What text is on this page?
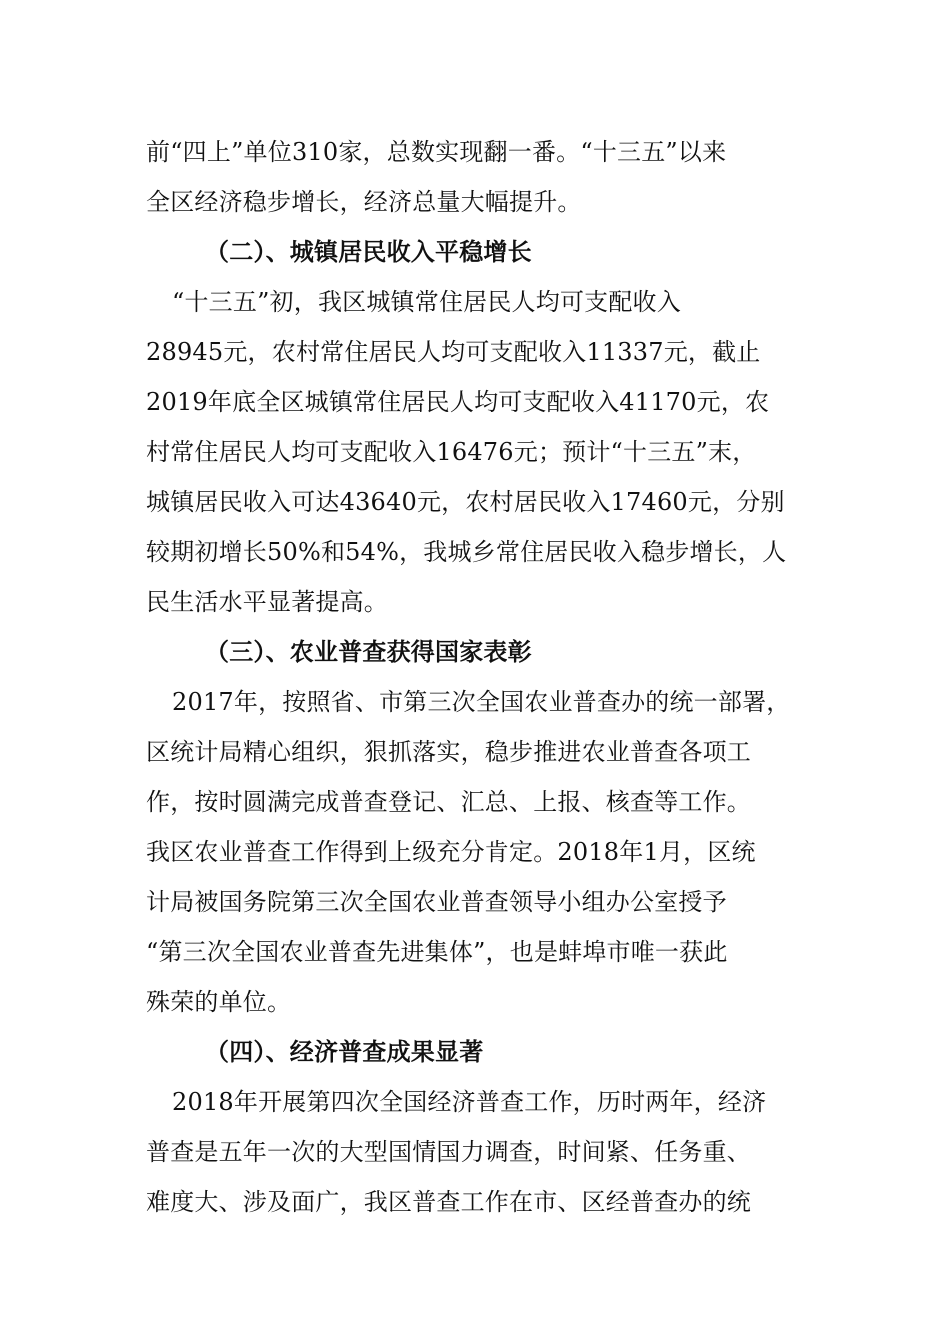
前“四上”单位310家，总数实现翻一番。“十三五”以来
全区经济稳步增长，经济总量大幅提升。
（二）、城镇居民收入平稳增长
“十三五”初，我区城镇常住居民人均可支配收入
28945元，农村常住居民人均可支配收入11337元，截止
2019年底全区城镇常住居民人均可支配收入41170元，农
村常住居民人均可支配收入16476元；预计“十三五”末，
城镇居民收入可达43640元，农村居民收入17460元，分别
较期初增长50%和54%，我城乡常住居民收入稳步增长，人
民生活水平显著提高。
（三）、农业普查获得国家表彰
2017年，按照省、市第三次全国农业普查办的统一部署，
区统计局精心组织，狠抓落实，稳步推进农业普查各项工
作，按时圆满完成普查登记、汇总、上报、核查等工作。
我区农业普查工作得到上级充分肯定。2018年1月，区统
计局被国务院第三次全国农业普查领导小组办公室授予
“第三次全国农业普查先进集体”，也是蚌埠市唯一获此
殊荣的单位。
（四）、经济普查成果显著
2018年开展第四次全国经济普查工作，历时两年，经济
普查是五年一次的大型国情国力调查，时间紧、任务重、
难度大、涉及面广，我区普查工作在市、区经普查办的统
